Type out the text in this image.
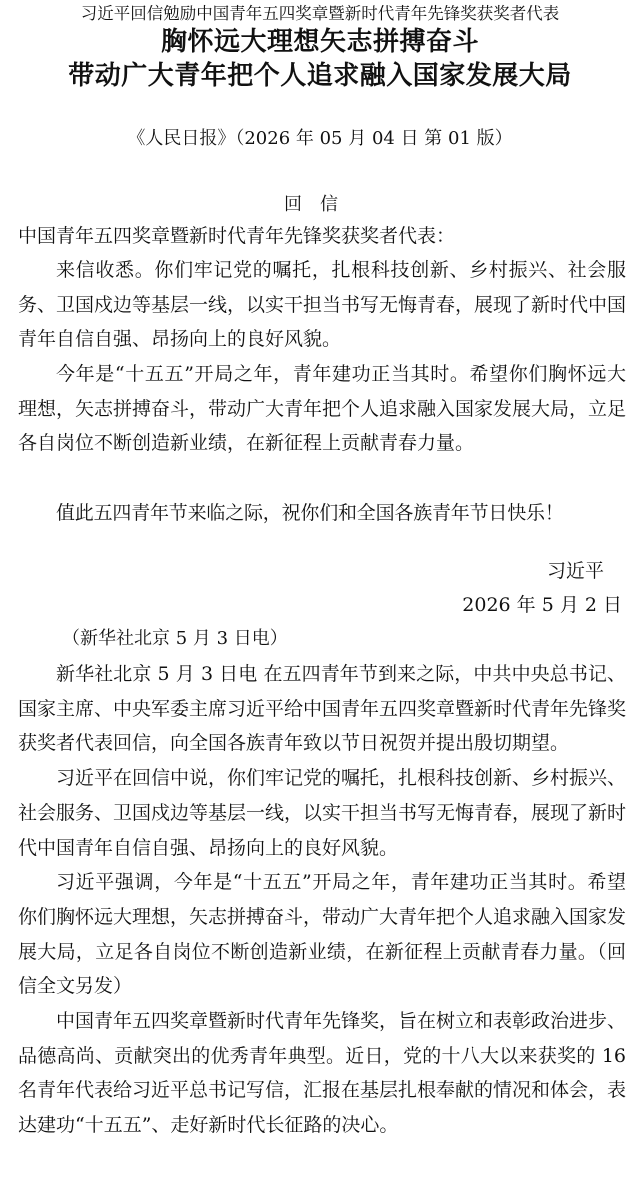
习近平回信勉励中国青年五四奖章暨新时代青年先锋奖获奖者代表
胸怀远大理想矢志拼搏奋斗
带动广大青年把个人追求融入国家发展大局
《人民日报》（2026 年 05 月 04 日 第 01 版）
回信
中国青年五四奖章暨新时代青年先锋奖获奖者代表：
来信收悉。你们牢记党的嘱托，扎根科技创新、乡村振兴、社会服务、卫国戍边等基层一线，以实干担当书写无悔青春，展现了新时代中国青年自信自强、昂扬向上的良好风貌。
今年是“十五五”开局之年，青年建功正当其时。希望你们胸怀远大理想，矢志拼搏奋斗，带动广大青年把个人追求融入国家发展大局，立足各自岗位不断创造新业绩，在新征程上贡献青春力量。
值此五四青年节来临之际，祝你们和全国各族青年节日快乐！
习近平
2026 年 5 月 2 日
（新华社北京 5 月 3 日电）

新华社北京 5 月 3 日电 在五四青年节到来之际，中共中央总书记、国家主席、中央军委主席习近平给中国青年五四奖章暨新时代青年先锋奖获奖者代表回信，向全国各族青年致以节日祝贺并提出殷切期望。

习近平在回信中说，你们牢记党的嘱托，扎根科技创新、乡村振兴、社会服务、卫国戍边等基层一线，以实干担当书写无悔青春，展现了新时代中国青年自信自强、昂扬向上的良好风貌。

习近平强调，今年是“十五五”开局之年，青年建功正当其时。希望你们胸怀远大理想，矢志拼搏奋斗，带动广大青年把个人追求融入国家发展大局，立足各自岗位不断创造新业绩，在新征程上贡献青春力量。（回信全文另发）

中国青年五四奖章暨新时代青年先锋奖，旨在树立和表彰政治进步、品德高尚、贡献突出的优秀青年典型。近日，党的十八大以来获奖的 16 名青年代表给习近平总书记写信，汇报在基层扎根奉献的情况和体会，表达建功“十五五”、走好新时代长征路的决心。
